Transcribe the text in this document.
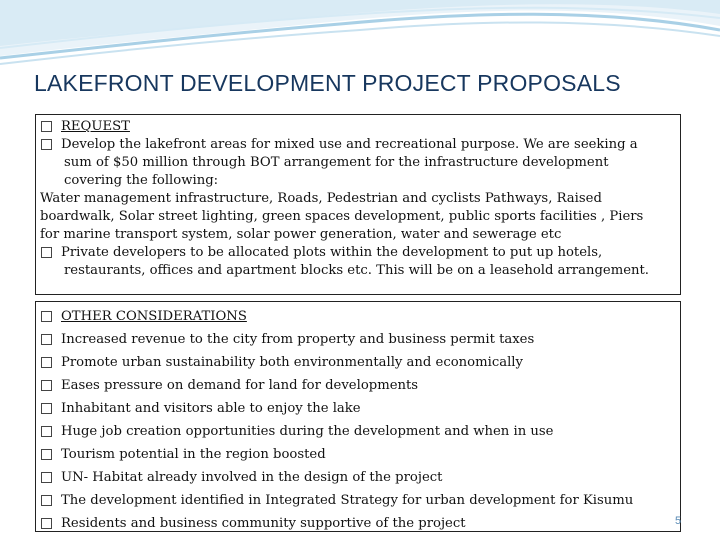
LAKEFRONT DEVELOPMENT PROJECT PROPOSALS
REQUEST
Develop the lakefront areas for mixed use and recreational purpose. We are seeking a
sum of $50 million through BOT arrangement for the infrastructure development
covering the following:
Water management infrastructure, Roads, Pedestrian and cyclists Pathways, Raised
boardwalk, Solar street lighting, green spaces development, public sports facilities , Piers
for marine transport system, solar power generation, water and sewerage etc
Private developers to be allocated plots within the development to put up hotels,
restaurants, offices and apartment blocks etc. This will be on a leasehold arrangement.
OTHER CONSIDERATIONS
Increased revenue to the city from property and business permit taxes
Promote urban sustainability both environmentally and economically
Eases pressure on demand for land for developments
Inhabitant and visitors able to enjoy the lake
Huge job creation opportunities during the development and when in use
Tourism potential in the region boosted
UN- Habitat already involved in the design of the project
The development identified in Integrated Strategy for urban development for Kisumu
Residents and business community supportive of the project	5
